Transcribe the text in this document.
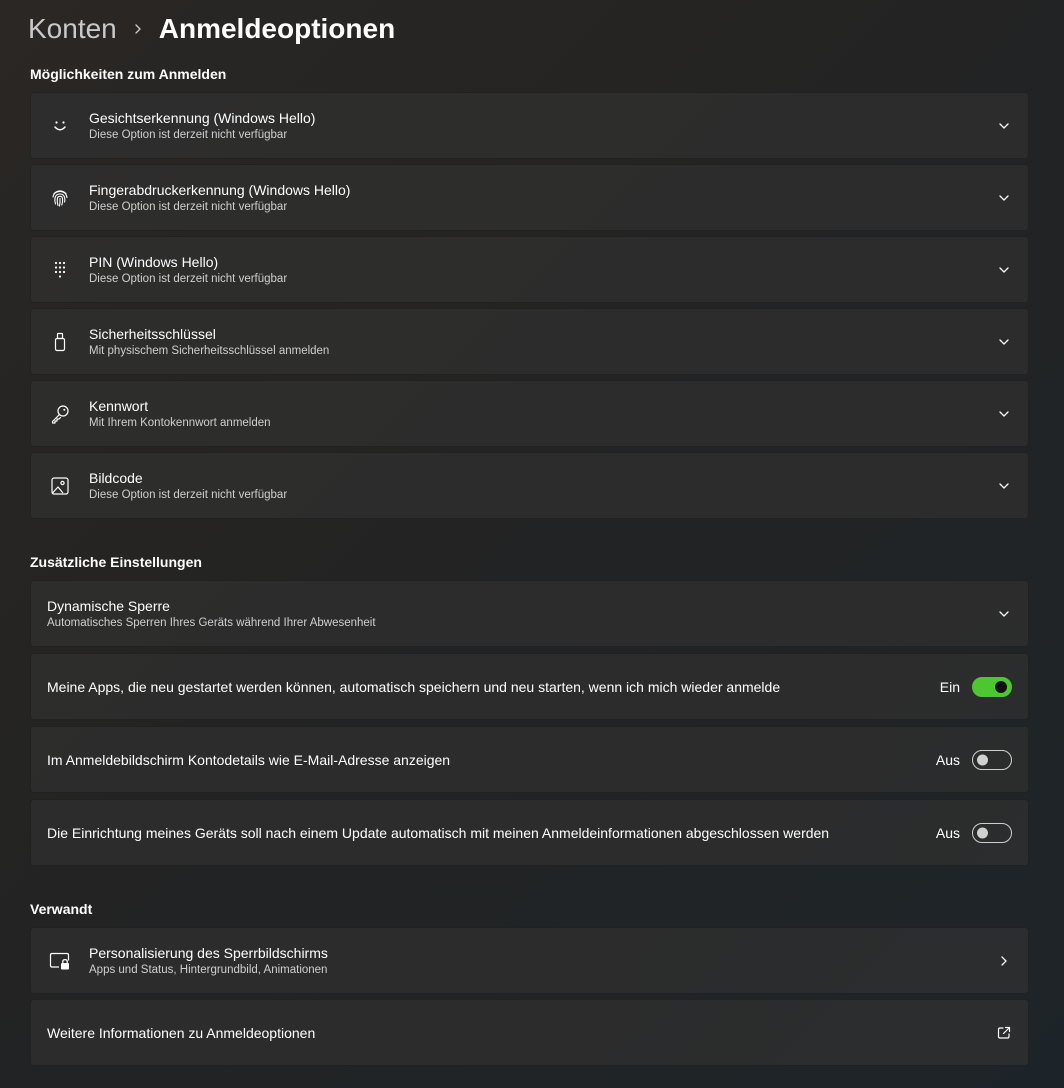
Konten Anmeldeoptionen
Möglichkeiten zum Anmelden
Gesichtserkennung (Windows Hello)
Diese Option ist derzeit nicht verfügbar
Fingerabdruckerkennung (Windows Hello)
Diese Option ist derzeit nicht verfügbar
PIN (Windows Hello)
Diese Option ist derzeit nicht verfügbar
Sicherheitsschlüssel
Mit physischem Sicherheitsschlüssel anmelden
Kennwort
Mit Ihrem Kontokennwort anmelden
Bildcode
Diese Option ist derzeit nicht verfügbar
Zusätzliche Einstellungen
Dynamische Sperre
Automatisches Sperren Ihres Geräts während Ihrer Abwesenheit
Meine Apps, die neu gestartet werden können, automatisch speichern und neu starten, wenn ich mich wieder anmelde	Ein
Im Anmeldebildschirm Kontodetails wie E-Mail-Adresse anzeigen	Aus
Die Einrichtung meines Geräts soll nach einem Update automatisch mit meinen Anmeldeinformationen abgeschlossen werden	Aus
Verwandt
Personalisierung des Sperrbildschirms
Apps und Status, Hintergrundbild, Animationen
Weitere Informationen zu Anmeldeoptionen
